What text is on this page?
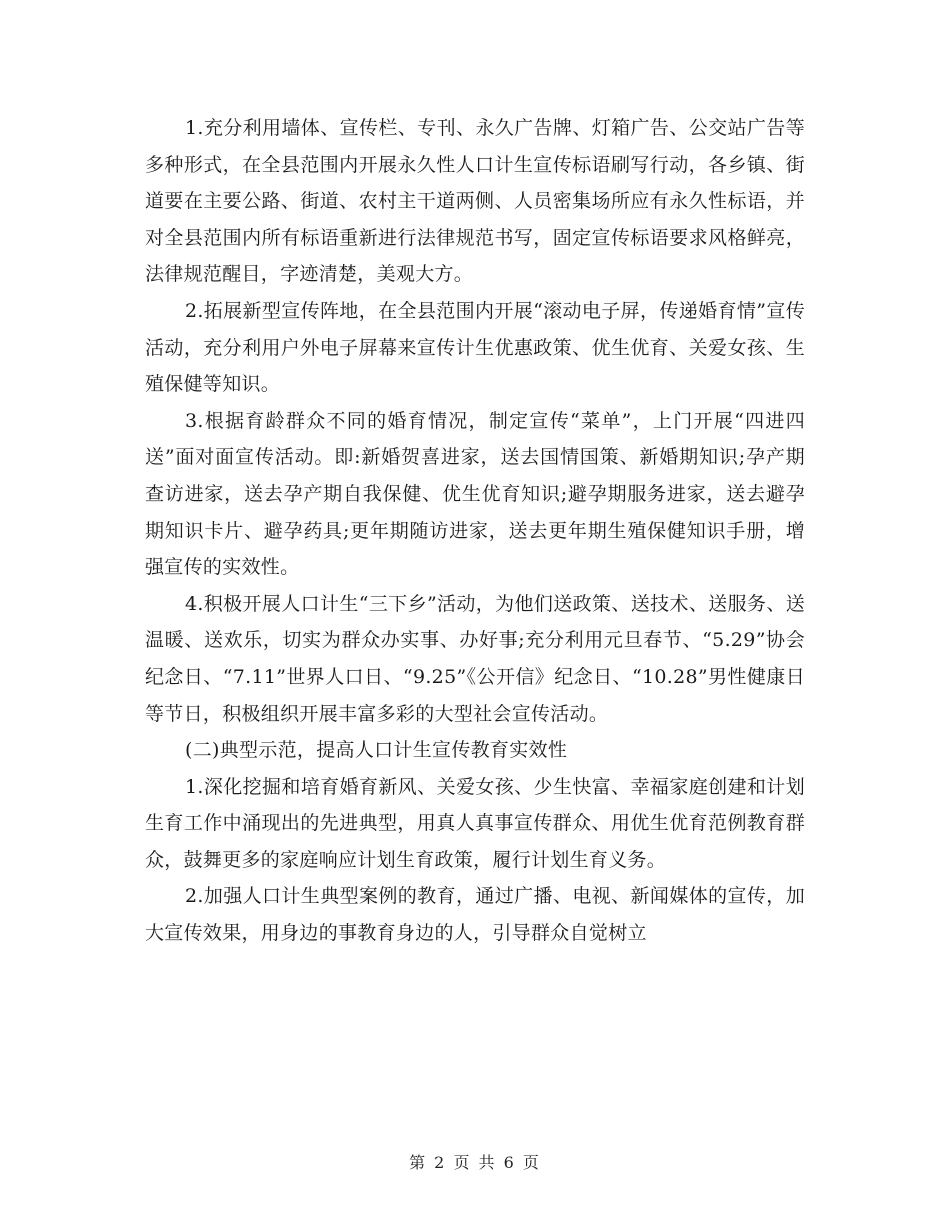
1.充分利用墙体、宣传栏、专刊、永久广告牌、灯箱广告、公交站广告等多种形式，在全县范围内开展永久性人口计生宣传标语刷写行动，各乡镇、街道要在主要公路、街道、农村主干道两侧、人员密集场所应有永久性标语，并对全县范围内所有标语重新进行法律规范书写，固定宣传标语要求风格鲜亮，法律规范醒目，字迹清楚，美观大方。

2.拓展新型宣传阵地，在全县范围内开展“滚动电子屏，传递婚育情”宣传活动，充分利用户外电子屏幕来宣传计生优惠政策、优生优育、关爱女孩、生殖保健等知识。

3.根据育龄群众不同的婚育情况，制定宣传“菜单”，上门开展“四进四送”面对面宣传活动。即:新婚贺喜进家，送去国情国策、新婚期知识;孕产期查访进家，送去孕产期自我保健、优生优育知识;避孕期服务进家，送去避孕期知识卡片、避孕药具;更年期随访进家，送去更年期生殖保健知识手册，增强宣传的实效性。

4.积极开展人口计生“三下乡”活动，为他们送政策、送技术、送服务、送温暖、送欢乐，切实为群众办实事、办好事;充分利用元旦春节、“5.29”协会纪念日、“7.11”世界人口日、“9.25”《公开信》纪念日、“10.28”男性健康日等节日，积极组织开展丰富多彩的大型社会宣传活动。

(二)典型示范，提高人口计生宣传教育实效性

1.深化挖掘和培育婚育新风、关爱女孩、少生快富、幸福家庭创建和计划生育工作中涌现出的先进典型，用真人真事宣传群众、用优生优育范例教育群众，鼓舞更多的家庭响应计划生育政策，履行计划生育义务。

2.加强人口计生典型案例的教育，通过广播、电视、新闻媒体的宣传，加大宣传效果，用身边的事教育身边的人，引导群众自觉树立

第 2 页 共 6 页
